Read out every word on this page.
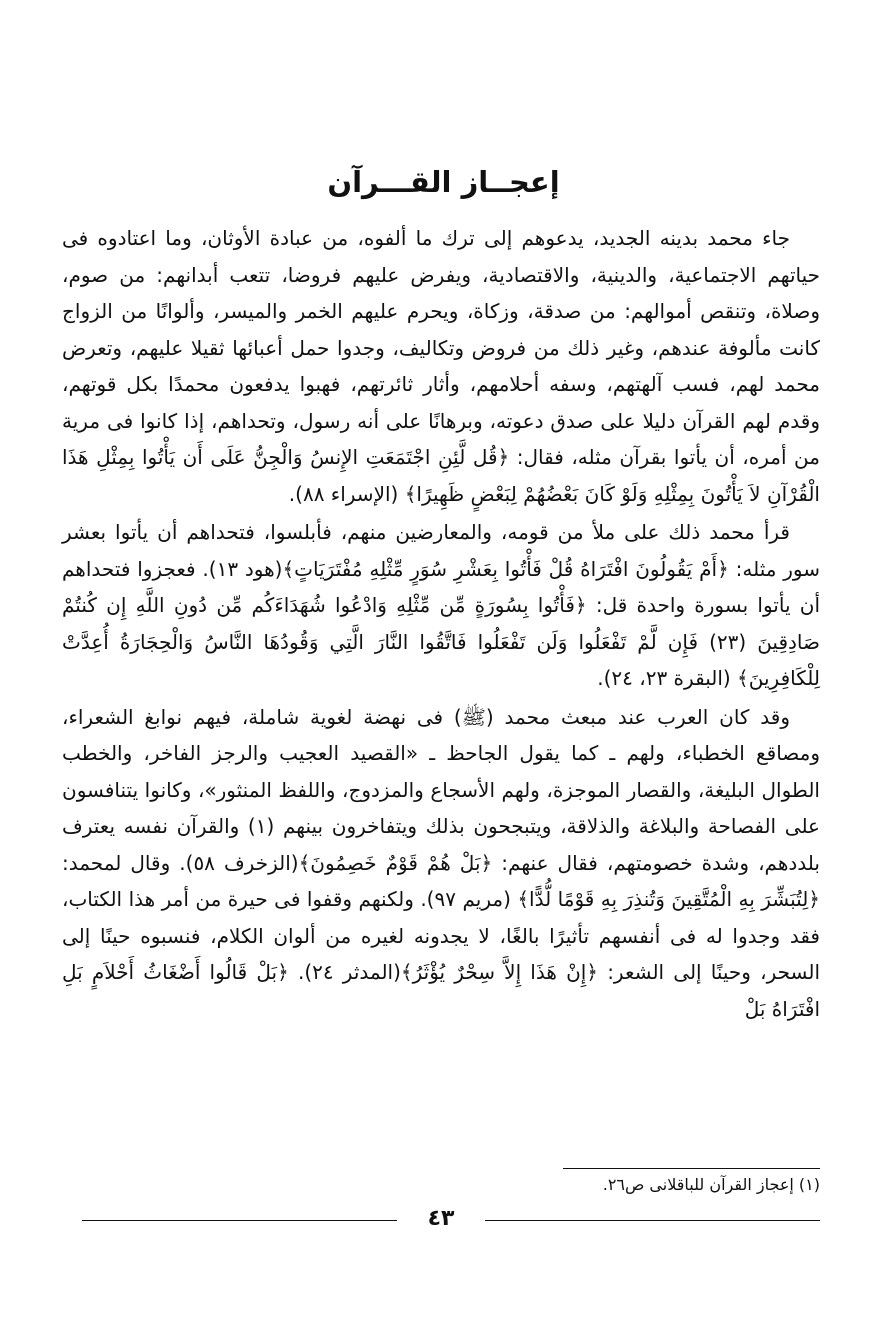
إعجــاز القـــرآن

جاء محمد بدينه الجديد، يدعوهم إلى ترك ما ألفوه، من عبادة الأوثان، وما اعتادوه فى حياتهم الاجتماعية، والدينية، والاقتصادية، ويفرض عليهم فروضا، تتعب أبدانهم: من صوم، وصلاة، وتنقص أموالهم: من صدقة، وزكاة، ويحرم عليهم الخمر والميسر، وألوانًا من الزواج كانت مألوفة عندهم، وغير ذلك من فروض وتكاليف، وجدوا حمل أعبائها ثقيلا عليهم، وتعرض محمد لهم، فسب آلهتهم، وسفه أحلامهم، وأثار ثائرتهم، فهبوا يدفعون محمدًا بكل قوتهم، وقدم لهم القرآن دليلا على صدق دعوته، وبرهانًا على أنه رسول، وتحداهم، إذا كانوا فى مرية من أمره، أن يأتوا بقرآن مثله، فقال: ﴿قُل لَّئِنِ اجْتَمَعَتِ الإِنسُ وَالْجِنُّ عَلَى أَن يَأْتُوا بِمِثْلِ هَذَا الْقُرْآنِ لاَ يَأْتُونَ بِمِثْلِهِ وَلَوْ كَانَ بَعْضُهُمْ لِبَعْضٍ ظَهِيرًا﴾ (الإسراء ٨٨).

قرأ محمد ذلك على ملأ من قومه، والمعارضين منهم، فأبلسوا، فتحداهم أن يأتوا بعشر سور مثله: ﴿أَمْ يَقُولُونَ افْتَرَاهُ قُلْ فَأْتُوا بِعَشْرِ سُوَرٍ مِّثْلِهِ مُفْتَرَيَاتٍ﴾(هود ١٣). فعجزوا فتحداهم أن يأتوا بسورة واحدة قل: ﴿فَأْتُوا بِسُورَةٍ مِّن مِّثْلِهِ وَادْعُوا شُهَدَاءَكُم مِّن دُونِ اللَّهِ إِن كُنتُمْ صَادِقِينَ (٢٣) فَإِن لَّمْ تَفْعَلُوا وَلَن تَفْعَلُوا فَاتَّقُوا النَّارَ الَّتِي وَقُودُهَا النَّاسُ وَالْحِجَارَةُ أُعِدَّتْ لِلْكَافِرِينَ﴾ (البقرة ٢٣، ٢٤).

وقد كان العرب عند مبعث محمد (ﷺ) فى نهضة لغوية شاملة، فيهم نوابغ الشعراء، ومصاقع الخطباء، ولهم ـ كما يقول الجاحظ ـ «القصيد العجيب والرجز الفاخر، والخطب الطوال البليغة، والقصار الموجزة، ولهم الأسجاع والمزدوج، واللفظ المنثور»، وكانوا يتنافسون على الفصاحة والبلاغة والذلاقة، ويتبجحون بذلك ويتفاخرون بينهم (١) والقرآن نفسه يعترف بلددهم، وشدة خصومتهم، فقال عنهم: ﴿بَلْ هُمْ قَوْمٌ خَصِمُونَ﴾(الزخرف ٥٨). وقال لمحمد: ﴿لِتُبَشِّرَ بِهِ الْمُتَّقِينَ وَتُنذِرَ بِهِ قَوْمًا لُّدًّا﴾ (مريم ٩٧). ولكنهم وقفوا فى حيرة من أمر هذا الكتاب، فقد وجدوا له فى أنفسهم تأثيرًا بالغًا، لا يجدونه لغيره من ألوان الكلام، فنسبوه حينًا إلى السحر، وحينًا إلى الشعر: ﴿إِنْ هَذَا إِلاَّ سِحْرٌ يُؤْثَرُ﴾(المدثر ٢٤). ﴿بَلْ قَالُوا أَضْغَاثُ أَحْلاَمٍ بَلِ افْتَرَاهُ بَلْ

(١) إعجاز القرآن للباقلانى ص٢٦.
٤٣
